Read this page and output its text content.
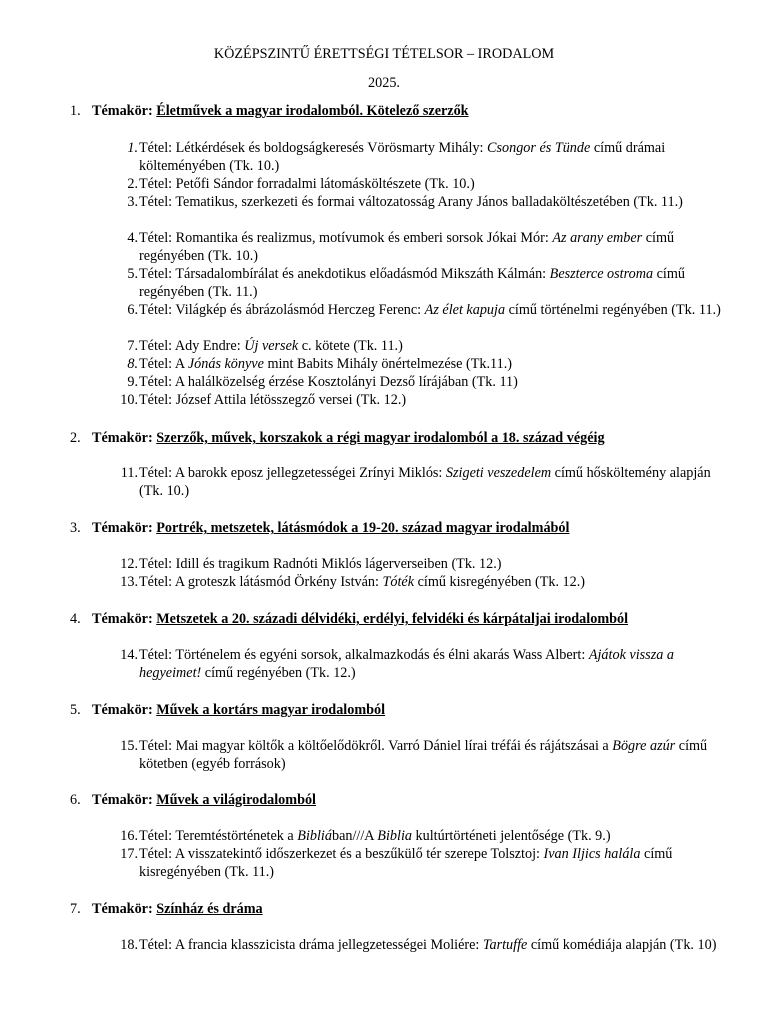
KÖZÉPSZINTŰ ÉRETTSÉGI TÉTELSOR – IRODALOM
2025.
1. Témakör: Életművek a magyar irodalomból. Kötelező szerzők
1. Tétel: Létkérdések és boldogságkeresés Vörösmarty Mihály: Csongor és Tünde című drámai költeményében (Tk. 10.)
2. Tétel: Petőfi Sándor forradalmi látomásköltészete (Tk. 10.)
3. Tétel: Tematikus, szerkezeti és formai változatosság Arany János balladaköltészetében (Tk. 11.)
4. Tétel: Romantika és realizmus, motívumok és emberi sorsok Jókai Mór: Az arany ember című regényében (Tk. 10.)
5. Tétel: Társadalombírálat és anekdotikus előadásmód Mikszáth Kálmán: Beszterce ostroma című regényében (Tk. 11.)
6. Tétel: Világkép és ábrázolásmód Herczeg Ferenc: Az élet kapuja című történelmi regényében (Tk. 11.)
7. Tétel: Ady Endre: Új versek c. kötete (Tk. 11.)
8. Tétel: A Jónás könyve mint Babits Mihály önértelmezése (Tk.11.)
9. Tétel: A halálközelség érzése Kosztolányi Dezső lírájában (Tk. 11)
10. Tétel: József Attila létösszegző versei (Tk. 12.)
2. Témakör: Szerzők, művek, korszakok a régi magyar irodalomból a 18. század végéig
11. Tétel: A barokk eposz jellegzetességei Zrínyi Miklós: Szigeti veszedelem című hősköltemény alapján (Tk. 10.)
3. Témakör: Portrék, metszetek, látásmódok a 19-20. század magyar irodalmából
12. Tétel: Idill és tragikum Radnóti Miklós lágerverseiben (Tk. 12.)
13. Tétel: A groteszk látásmód Örkény István: Tóték című kisregényében (Tk. 12.)
4. Témakör: Metszetek a 20. századi délvidéki, erdélyi, felvidéki és kárpátaljai irodalomból
14. Tétel: Történelem és egyéni sorsok, alkalmazkodás és élni akarás Wass Albert: Ajátok vissza a hegyeimet! című regényében (Tk. 12.)
5. Témakör: Művek a kortárs magyar irodalomból
15. Tétel: Mai magyar költők a költőelődökről. Varró Dániel lírai tréfái és rájátszásai a Bögre azúr című kötetben (egyéb források)
6. Témakör: Művek a világirodalomból
16. Tétel: Teremtéstörténetek a Bibliában///A Biblia kultúrtörténeti jelentősége (Tk. 9.)
17. Tétel: A visszatekintő időszerkezet és a beszűkülő tér szerepe Tolsztoj: Ivan Iljics halála című kisregényében (Tk. 11.)
7. Témakör: Színház és dráma
18. Tétel: A francia klasszicista dráma jellegzetességei Moliére: Tartuffe című komédiája alapján (Tk. 10)
